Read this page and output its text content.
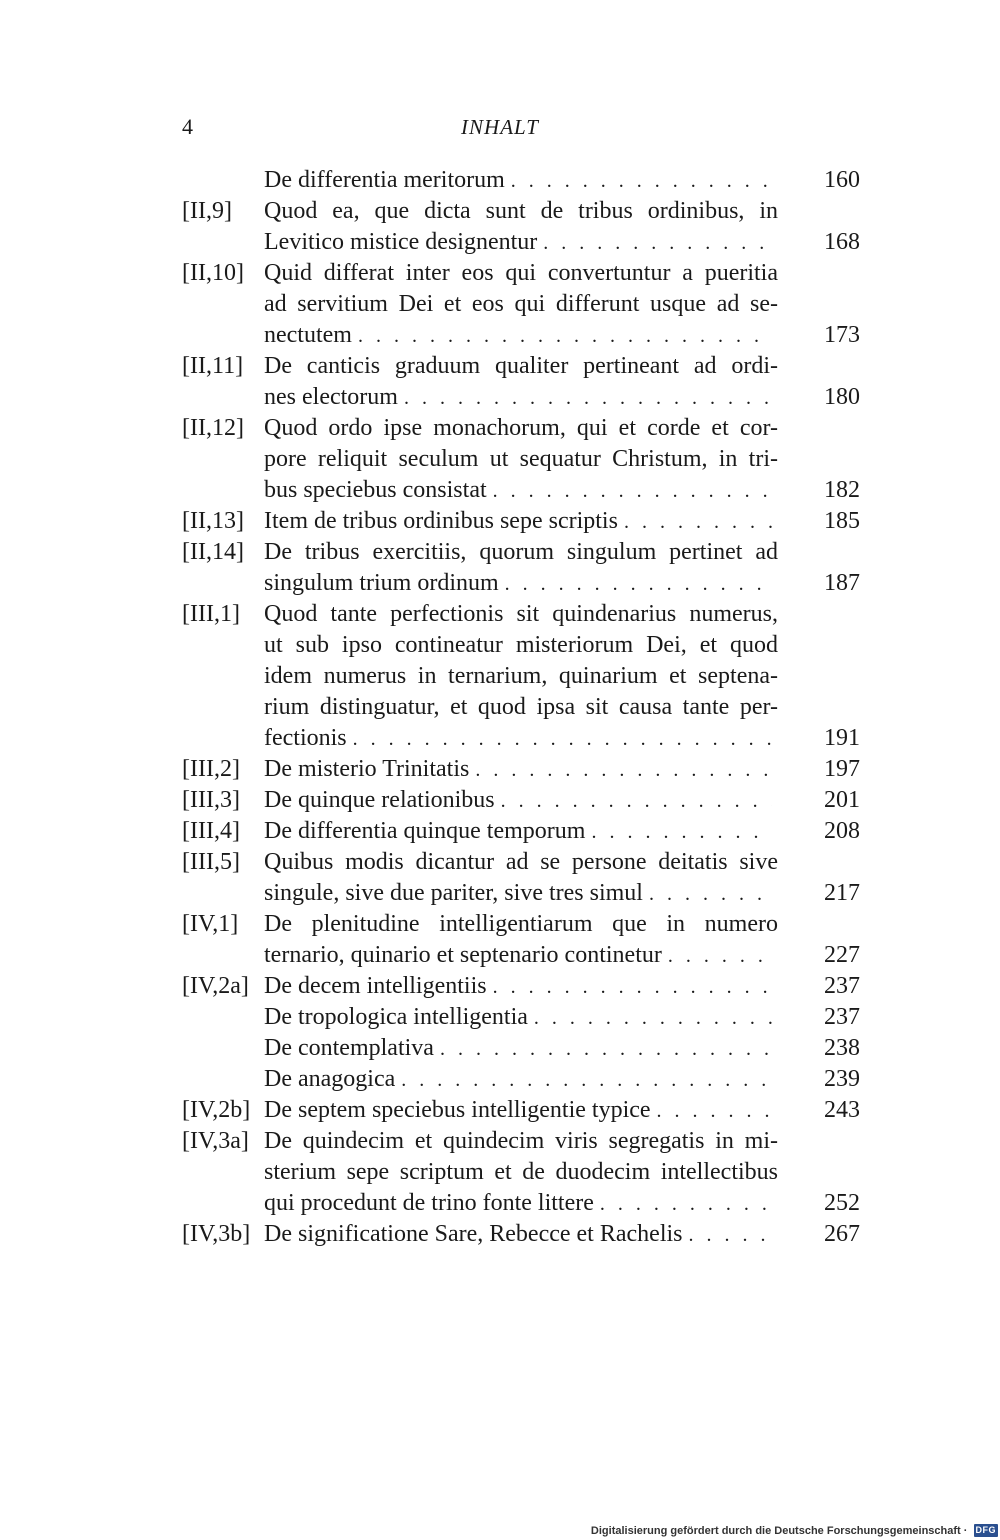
4	INHALT
De differentia meritorum . . .	160
[II,9]	Quod ea, que dicta sunt de tribus ordinibus, in
Levitico mistice designentur . . .	168
[II,10] Quid differat inter eos qui convertuntur a pueritia
ad servitium Dei et eos qui differunt usque ad se-
nectutem . . .	173
[II,11] De canticis graduum qualiter pertineant ad ordi-
nes electorum . . .	180
[II,12] Quod ordo ipse monachorum, qui et corde et cor-
pore reliquit seculum ut sequatur Christum, in tri-
bus speciebus consistat . . .	182
[II,13] Item de tribus ordinibus sepe scriptis . . .	185
[II,14] De tribus exercitiis, quorum singulum pertinet ad
singulum trium ordinum . . .	187
[III,1]	Quod tante perfectionis sit quindenarius numerus,
ut sub ipso contineatur misteriorum Dei, et quod
idem numerus in ternarium, quinarium et septena-
rium distinguatur, et quod ipsa sit causa tante per-
fectionis . . .	191
[III,2]	De misterio Trinitatis . . .	197
[III,3]	De quinque relationibus . . .	201
[III,4]	De differentia quinque temporum . . .	208
[III,5]	Quibus modis dicantur ad se persone deitatis sive
singule, sive due pariter, sive tres simul . . .	217
[IV,1]	De plenitudine intelligentiarum que in numero
ternario, quinario et septenario continetur . . .	227
[IV,2a] De decem intelligentiis . . .	237
De tropologica intelligentia . . .	237
De contemplativa . . .	238
De anagogica . . .	239
[IV,2b] De septem speciebus intelligentie typice . . .	243
[IV,3a] De quindecim et quindecim viris segregatis in mi-
sterium sepe scriptum et de duodecim intellectibus
qui procedunt de trino fonte littere . . .	252
[IV,3b] De significatione Sare, Rebecce et Rachelis . . .	267
Digitalisierung gefördert durch die Deutsche Forschungsgemeinschaft · DFG
